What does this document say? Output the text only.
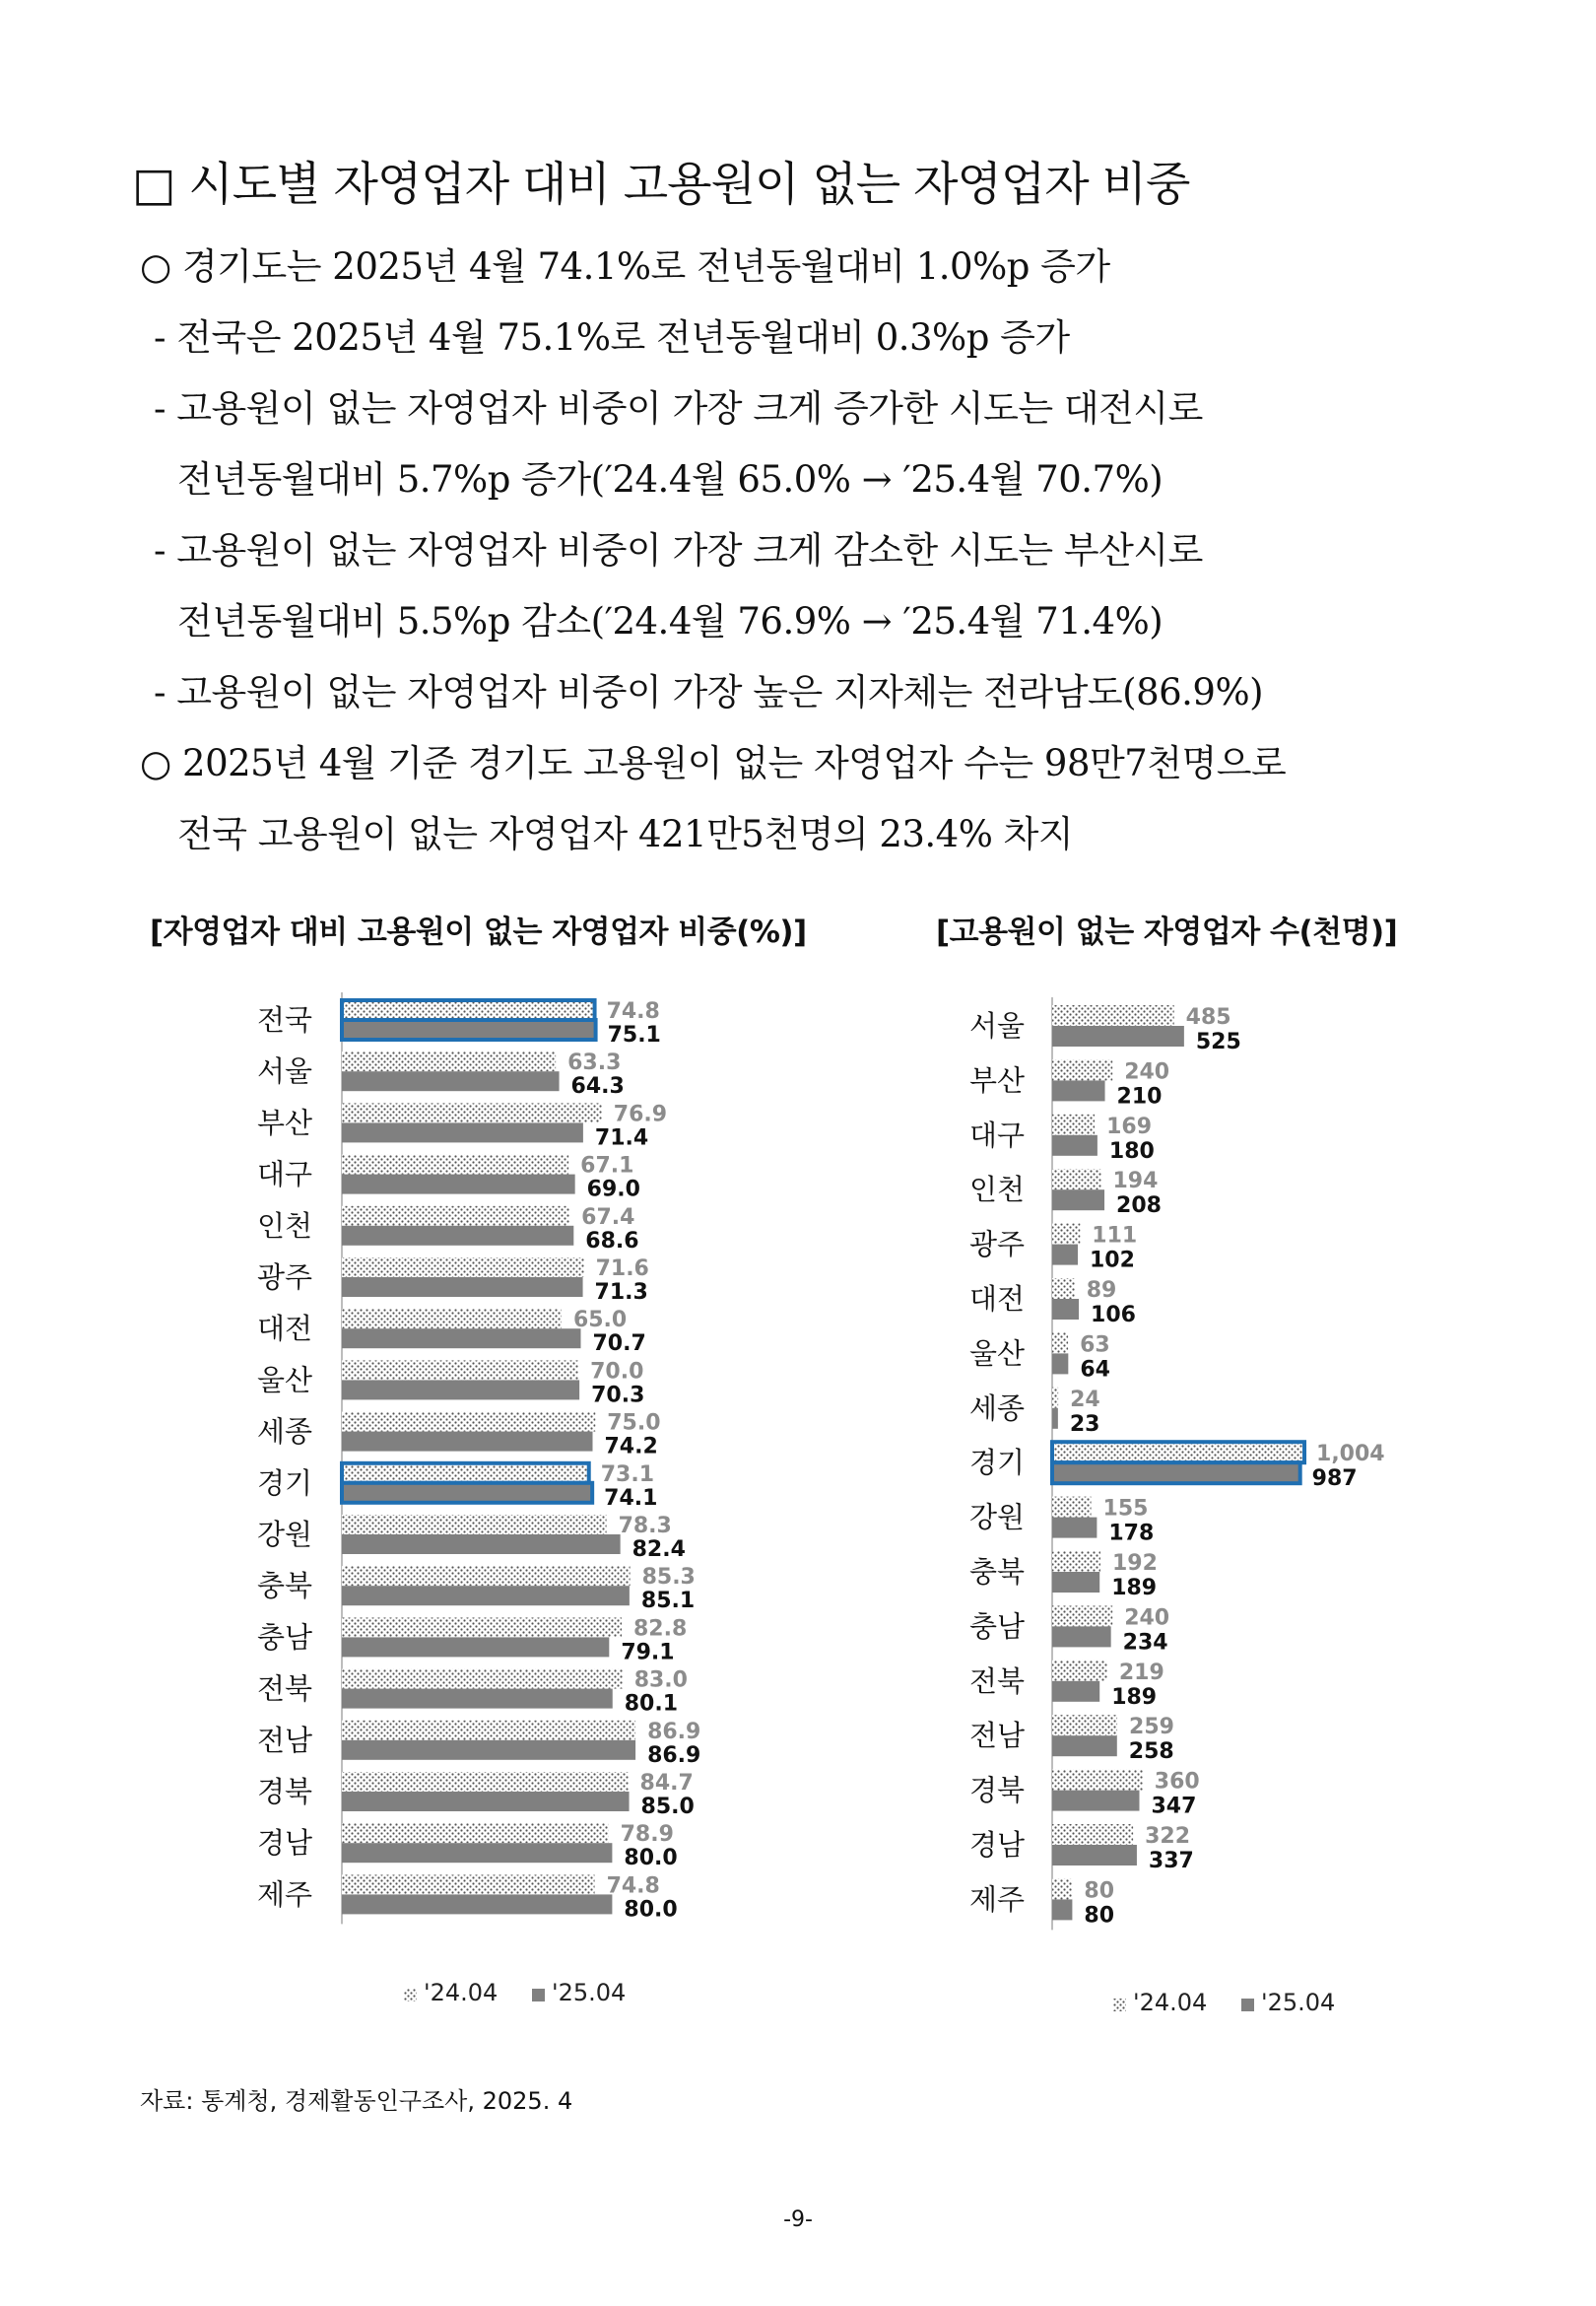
□ 시도별 자영업자 대비 고용원이 없는 자영업자 비중
○ 경기도는 2025년 4월 74.1%로 전년동월대비 1.0%p 증가
- 전국은 2025년 4월 75.1%로 전년동월대비 0.3%p 증가
- 고용원이 없는 자영업자 비중이 가장 크게 증가한 시도는 대전시로
전년동월대비 5.7%p 증가(′24.4월 65.0% → ′25.4월 70.7%)
- 고용원이 없는 자영업자 비중이 가장 크게 감소한 시도는 부산시로
전년동월대비 5.5%p 감소(′24.4월 76.9% → ′25.4월 71.4%)
- 고용원이 없는 자영업자 비중이 가장 높은 지자체는 전라남도(86.9%)
○ 2025년 4월 기준 경기도 고용원이 없는 자영업자 수는 98만7천명으로
전국 고용원이 없는 자영업자 421만5천명의 23.4% 차지
[자영업자 대비 고용원이 없는 자영업자 비중(%)]	[고용원이 없는 자영업자 수(천명)]
전국	74.8
75.1
서울	63.3
64.3
부산	76.9
71.4
대구	67.1
69.0
인천	67.4
68.6
광주	71.6
71.3
대전	65.0
70.7
울산	70.0
70.3
세종	75.0
74.2
경기	73.1
74.1
강원	78.3
82.4
충북	85.3
85.1
충남	82.8
79.1
전북	83.0
80.1
전남	86.9
86.9
경북	84.7
85.0
경남	78.9
80.0
제주	74.8
80.0
'24.04 '25.04
서울	485
525
부산	240
210
대구	169
180
인천	194
208
광주	111
102
대전	89
106
울산	63
64
세종 24
23
경기	1,004
987
강원	155
178
충북	192
189
충남	240
234
전북	219
189
전남	259
258
경북	360
347
경남	322
337
제주	80
80
'24.04 '25.04
자료: 통계청, 경제활동인구조사, 2025. 4
-9-
